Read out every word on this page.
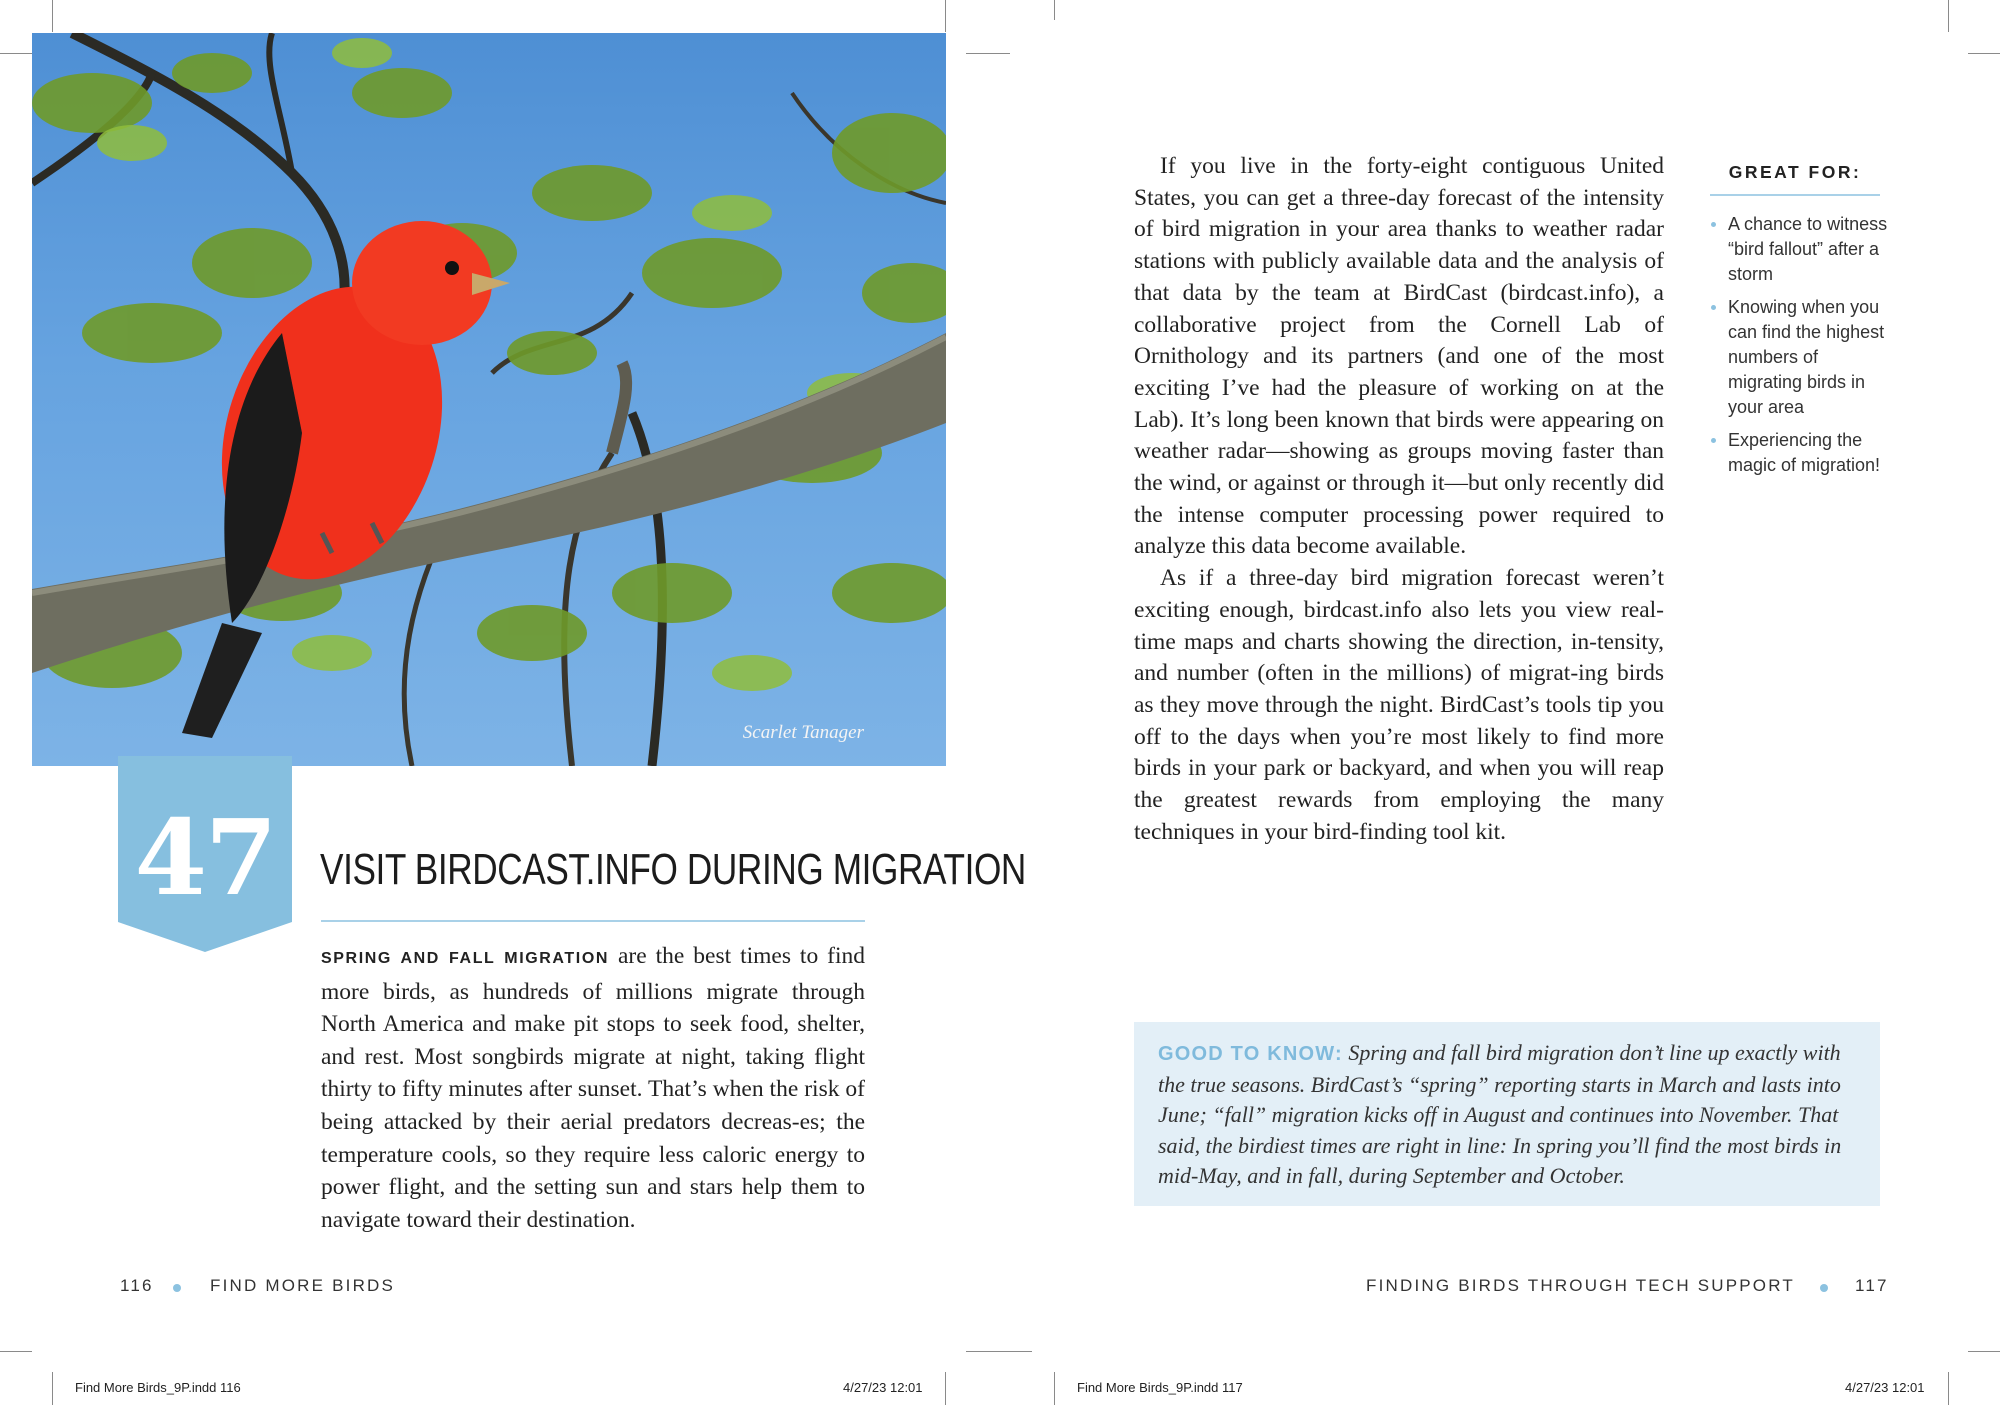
Scarlet Tanager
47	VISIT BIRDCAST.INFO DURING MIGRATION
SPRING AND FALL MIGRATION are the best times to find more birds, as hundreds of millions migrate through North America and make pit stops to seek food, shelter, and rest. Most songbirds migrate at night, taking flight thirty to fifty minutes after sunset. That’s when the risk of being attacked by their aerial predators decreas-es; the temperature cools, so they require less caloric energy to power flight, and the setting sun and stars help them to navigate toward their destination.

If you live in the forty-eight contiguous United States, you can get a three-day forecast of the intensity of bird migration in your area thanks to weather radar stations with publicly available data and the analysis of that data by the team at BirdCast (birdcast.info), a collaborative project from the Cornell Lab of Ornithology and its partners (and one of the most exciting I’ve had the pleasure of working on at the Lab). It’s long been known that birds were appearing on weather radar—showing as groups moving faster than the wind, or against or through it—but only recently did the intense computer processing power required to analyze this data become available.

As if a three-day bird migration forecast weren’t exciting enough, birdcast.info also lets you view real-time maps and charts showing the direction, in-tensity, and number (often in the millions) of migrat-ing birds as they move through the night. BirdCast’s tools tip you off to the days when you’re most likely to find more birds in your park or backyard, and when you will reap the greatest rewards from employing the many techniques in your bird-finding tool kit.

GREAT FOR:
A chance to witness “bird fallout” after a storm
Knowing when you can find the highest numbers of migrating birds in your area
Experiencing the magic of migration!
GOOD TO KNOW: Spring and fall bird migration don’t line up exactly with the true seasons. BirdCast’s “spring” reporting starts in March and lasts into June; “fall” migration kicks off in August and continues into November. That said, the birdiest times are right in line: In spring you’ll find the most birds in mid-May, and in fall, during September and October.
116	FIND MORE BIRDS	FINDING BIRDS THROUGH TECH SUPPORT	117
Find More Birds_9P.indd 116	4/27/23 12:01	Find More Birds_9P.indd 117	4/27/23 12:01
